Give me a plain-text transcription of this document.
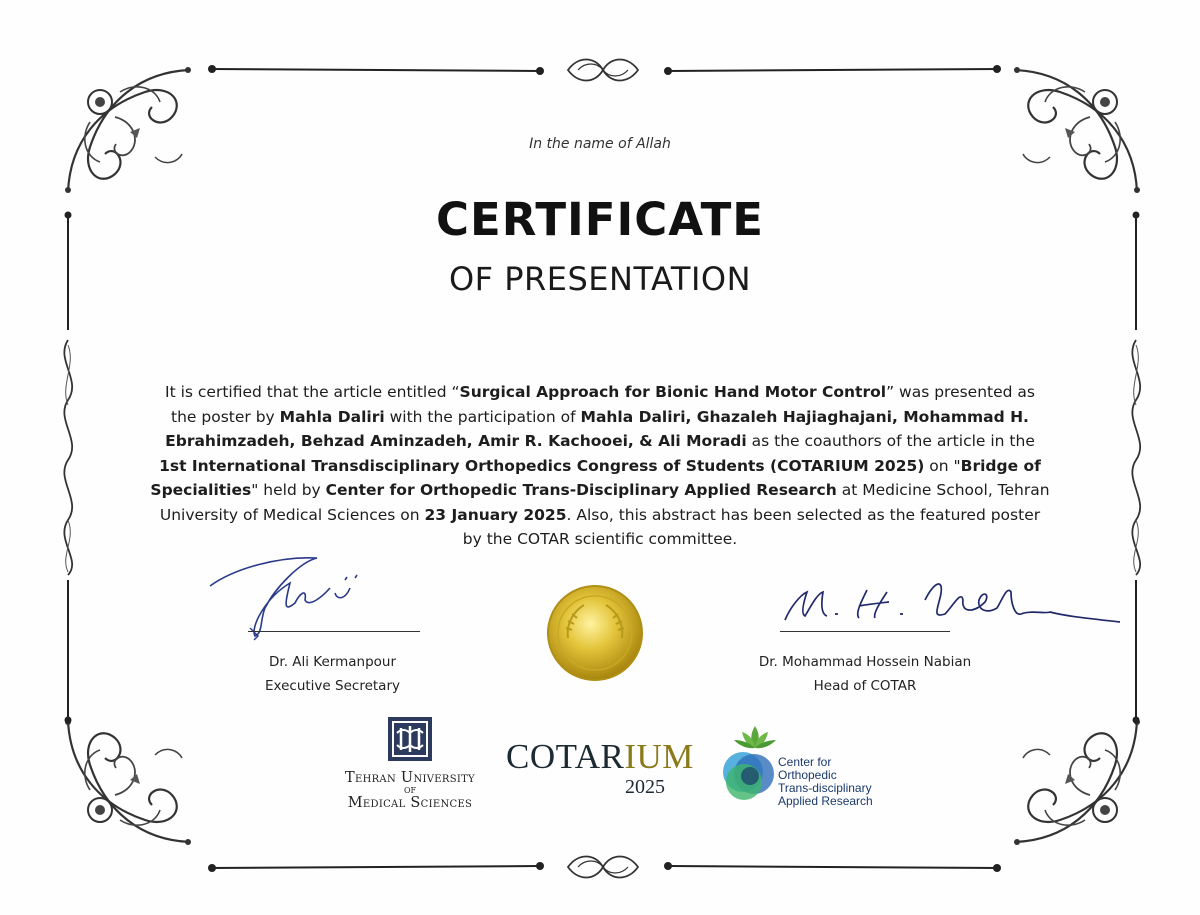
In the name of Allah
CERTIFICATE
OF PRESENTATION
It is certified that the article entitled “Surgical Approach for Bionic Hand Motor Control” was presented as the poster by Mahla Daliri with the participation of Mahla Daliri, Ghazaleh Hajiaghajani, Mohammad H. Ebrahimzadeh, Behzad Aminzadeh, Amir R. Kachooei, & Ali Moradi as the coauthors of the article in the 1st International Transdisciplinary Orthopedics Congress of Students (COTARIUM 2025) on "Bridge of Specialities" held by Center for Orthopedic Trans-Disciplinary Applied Research at Medicine School, Tehran University of Medical Sciences on 23 January 2025. Also, this abstract has been selected as the featured poster by the COTAR scientific committee.
Dr. Ali Kermanpour
Executive Secretary
Dr. Mohammad Hossein Nabian
Head of COTAR
Tehran University
OF
Medical Sciences
COTARIUM
2025
Center for
Orthopedic
Trans-disciplinary
Applied Research
